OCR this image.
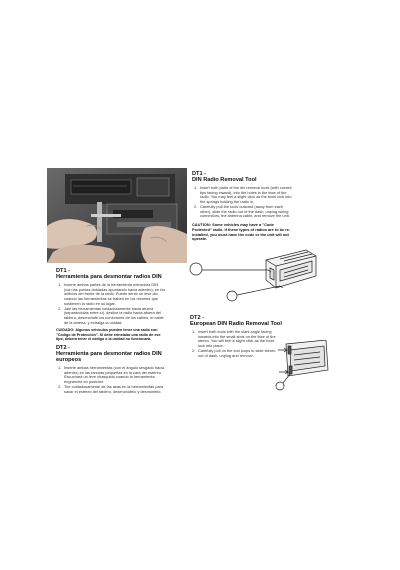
DT1 -
DIN Radio Removal Tool
1. Insert both parts of the din removal tools (with curved tips facing inward), into the holes in the face of the radio. You may feel a slight click as the tools lock into the springs holding the radio in.
2. Carefully pull the tools outward (away from each other), slide the radio out of the dash, unplug wiring connectors, the antenna cable, and remove the unit.
CAUTION: Some vehicles may have a "Code Protected" radio. If these types of radios are to be re-installed, you must have the code or the unit will not operate.
DT2 -
European DIN Radio Removal Tool
1. Insert both tools with the slant angle facing inwards into the small slots on the face of the stereo. You will feel a slight click as the tools lock into place.
2. Carefully pull on the tool loops to slide stereo out of dash, unplug and remove.
DT1 -
Herramienta para desmontar radios DIN
1. Inserte ambas partes de la herramienta extractora DIN (con las puntas dobladas apuntando hacia adentro), en los orificios del frente de la radio. Puede sentir un leve clic cuando las herramientas se traben en los resortes que sostienen la radio en su lugar.
2. Jale las herramientas cuidadosamente hacia afuera (separándolas entre sí), deslice la radio hacia afuera del tablero, desenchufe los conectores de los cables, el cable de la antena, y extraiga la unidad.
CUIDADO: Algunos vehículos pueden tener una radio con "Código de Protección". Si debe reinstalar una radio de ese tipo, deberá tener el código o la unidad no funcionará.
DT2 -
Herramienta para desmontar radios DIN europeos
1. Inserte ambas herramientas (con el ángulo sesgado hacia adentro) en las ranuras pequeñas en la cara del estéreo. Escuchará un leve chasquido cuando la herramienta engranche en posición.
2. Tire cuidadosamente de las asas en la herramientas para sacar el estéreo del tablero, desenchúfelo y desmóntelo.
